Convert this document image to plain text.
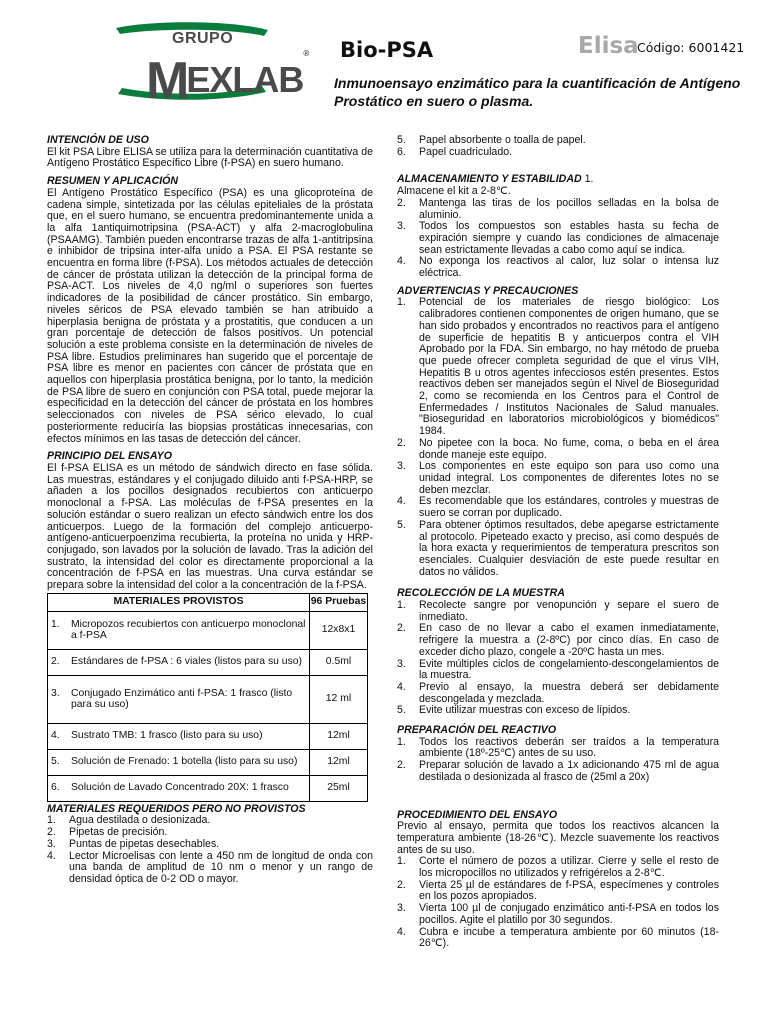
GRUPO
MEXLAB® Bio-PSA	Elisa
Código: 6001421
Inmunoensayo enzimático para la cuantificación de Antígeno Prostático en suero o plasma.
INTENCIÓN DE USO
El kit PSA Libre ELISA se utiliza para la determinación cuantitativa de Antígeno Prostático Específico Libre (f-PSA) en suero humano.
RESUMEN Y APLICACIÓN
El Antígeno Prostático Específico (PSA) es una glicoproteína de cadena simple, sintetizada por las células epiteliales de la próstata que, en el suero humano, se encuentra predominantemente unida a la alfa 1antiquimotripsina (PSA-ACT) y alfa 2-macroglobulina (PSAAMG). También pueden encontrarse trazas de alfa 1-antitripsina e inhibidor de tripsina inter-alfa unido a PSA. El PSA restante se encuentra en forma libre (f-PSA). Los métodos actuales de detección de cáncer de próstata utilizan la detección de la principal forma de PSA-ACT. Los niveles de 4,0 ng/ml o superiores son fuertes indicadores de la posibilidad de cáncer prostático. Sin embargo, niveles séricos de PSA elevado también se han atribuido a hiperplasia benigna de próstata y a prostatitis, que conducen a un gran porcentaje de detección de falsos positivos. Un potencial solución a este problema consiste en la determinación de niveles de PSA libre. Estudios preliminares han sugerido que el porcentaje de PSA libre es menor en pacientes con cáncer de próstata que en aquellos con hiperplasia prostática benigna, por lo tanto, la medición de PSA libre de suero en conjunción con PSA total, puede mejorar la especificidad en la detección del cáncer de próstata en los hombres seleccionados con niveles de PSA sérico elevado, lo cual posteriormente reduciría las biopsias prostáticas innecesarias, con efectos mínimos en las tasas de detección del cáncer.
PRINCIPIO DEL ENSAYO
El f-PSA ELISA es un método de sándwich directo en fase sólida. Las muestras, estándares y el conjugado diluido anti f-PSA-HRP, se añaden a los pocillos designados recubiertos con anticuerpo monoclonal a f-PSA. Las moléculas de f-PSA presentes en la solución estándar o suero realizan un efecto sándwich entre los dos anticuerpos. Luego de la formación del complejo anticuerpo-antígeno-anticuerpoenzima recubierta, la proteína no unida y HRP-conjugado, son lavados por la solución de lavado. Tras la adición del sustrato, la intensidad del color es directamente proporcional a la concentración de f-PSA en las muestras. Una curva estándar se prepara sobre la intensidad del color a la concentración de la f-PSA.
MATERIALES PROVISTOS	96 Pruebas

1. Micropozos recubiertos con anticuerpo monoclonal a f-PSA	12x8x1

2. Estándares de f-PSA : 6 viales (listos para su uso)	0.5ml

3. Conjugado Enzimático anti f-PSA: 1 frasco (listo para su uso)	12 ml

4. Sustrato TMB: 1 frasco (listo para su uso)	12ml

5. Solución de Frenado: 1 botella (listo para su uso)	12ml

6. Solución de Lavado Concentrado 20X: 1 frasco	25ml
MATERIALES REQUERIDOS PERO NO PROVISTOS
1.	Agua destilada o desionizada.
2.	Pipetas de precisión.
3.	Puntas de pipetas desechables.
4.	Lector Microelisas con lente a 450 nm de longitud de onda con una banda de amplitud de 10 nm o menor y un rango de densidad óptica de 0-2 OD o mayor.
5.	Papel absorbente o toalla de papel.
6.	Papel cuadriculado.
ALMACENAMIENTO Y ESTABILIDAD 1.
Almacene el kit a 2-8℃.
2.	Mantenga las tiras de los pocillos selladas en la bolsa de aluminio.
3.	Todos los compuestos son estables hasta su fecha de expiración siempre y cuando las condiciones de almacenaje sean estrictamente llevadas a cabo como aquí se indica.
4.	No exponga los reactivos al calor, luz solar o intensa luz eléctrica.
ADVERTENCIAS Y PRECAUCIONES
1.	Potencial de los materiales de riesgo biológico: Los calibradores contienen componentes de origen humano, que se han sido probados y encontrados no reactivos para el antígeno de superficie de hepatitis B y anticuerpos contra el VIH Aprobado por la FDA. Sin embargo, no hay método de prueba que puede ofrecer completa seguridad de que el virus VIH, Hepatitis B u otros agentes infecciosos estén presentes. Estos reactivos deben ser manejados según el Nivel de Bioseguridad 2, como se recomienda en los Centros para el Control de Enfermedades / Institutos Nacionales de Salud manuales. "Bioseguridad en laboratorios microbiológicos y biomédicos" 1984.
2.	No pipetee con la boca. No fume, coma, o beba en el área donde maneje este equipo.
3.	Los componentes en este equipo son para uso como una unidad integral. Los componentes de diferentes lotes no se deben mezclar.
4.	Es recomendable que los estándares, controles y muestras de suero se corran por duplicado.
5.	Para obtener óptimos resultados, debe apegarse estrictamente al protocolo. Pipeteado exacto y preciso, así como después de la hora exacta y requerimientos de temperatura prescritos son esenciales. Cualquier desviación de este puede resultar en datos no válidos.
RECOLECCIÓN DE LA MUESTRA
1.	Recolecte sangre por venopunción y separe el suero de inmediato.
2.	En caso de no llevar a cabo el examen inmediatamente, refrigere la muestra a (2-8ºC) por cinco días. En caso de exceder dicho plazo, congele a -20ºC hasta un mes.
3.	Evite múltiples ciclos de congelamiento-descongelamientos de la muestra.
4.	Previo al ensayo, la muestra deberá ser debidamente descongelada y mezclada.
5.	Evite utilizar muestras con exceso de lípidos.
PREPARACIÓN DEL REACTIVO
1.	Todos los reactivos deberán ser traídos a la temperatura ambiente (18º-25℃) antes de su uso.
2.	Preparar solución de lavado a 1x adicionando 475 ml de agua destilada o desionizada al frasco de (25ml a 20x)
PROCEDIMIENTO DEL ENSAYO
Previo al ensayo, permita que todos los reactivos alcancen la temperatura ambiente (18-26℃). Mezcle suavemente los reactivos antes de su uso.
1.	Corte el número de pozos a utilizar. Cierre y selle el resto de los micropocillos no utilizados y refrigérelos a 2-8℃.
2.	Vierta 25 µl de estándares de f-PSA, especímenes y controles en los pozos apropiados.
3.	Vierta 100 µl de conjugado enzimático anti-f-PSA en todos los pocillos. Agite el platillo por 30 segundos.
4.	Cubra e incube a temperatura ambiente por 60 minutos (18-26℃).
